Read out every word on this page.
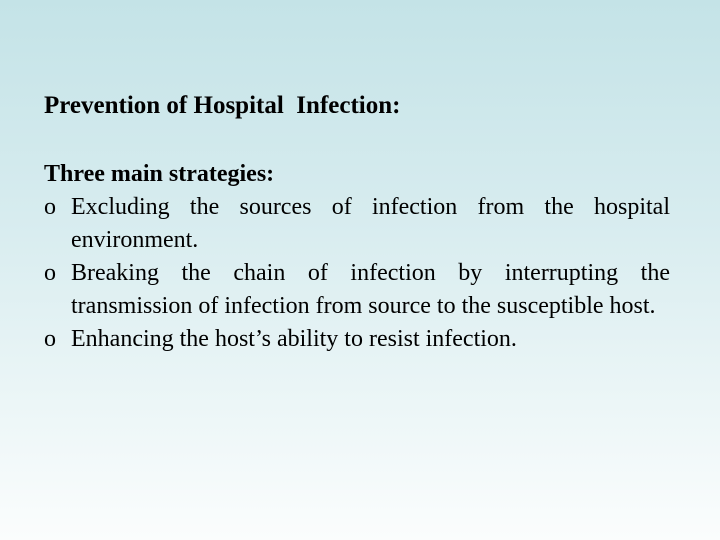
Prevention of Hospital  Infection:
Three main strategies:
o Excluding the sources of infection from the hospital environment.
o Breaking the chain of infection by interrupting the transmission of infection from source to the susceptible host.
o Enhancing the host’s ability to resist infection.
